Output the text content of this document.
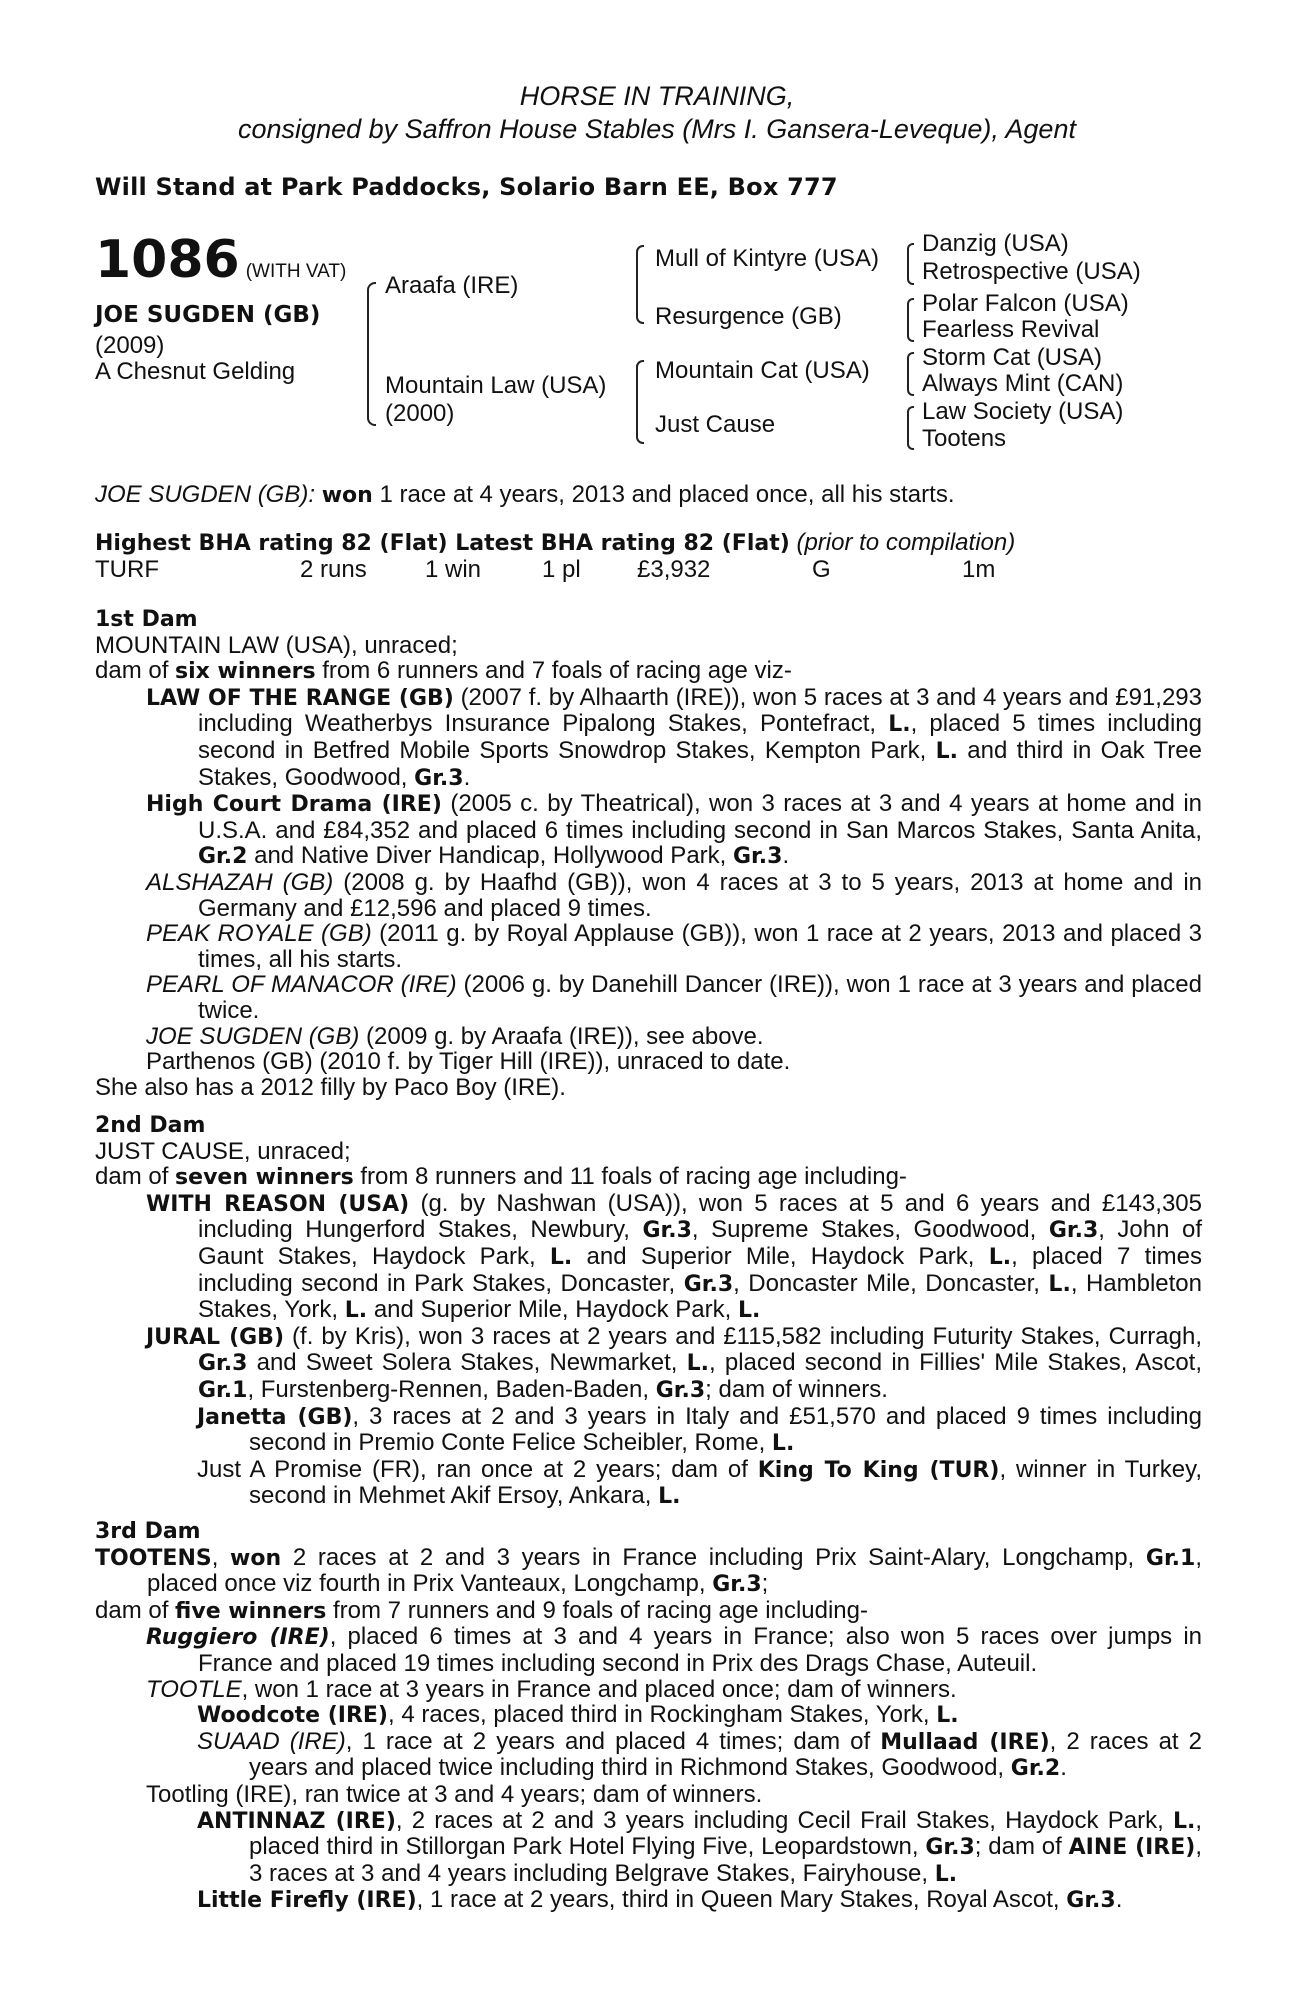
HORSE IN TRAINING,
consigned by Saffron House Stables (Mrs I. Gansera-Leveque), Agent
Will Stand at Park Paddocks, Solario Barn EE, Box 777
1086 (WITH VAT)
JOE SUGDEN (GB)
(2009)
A Chesnut Gelding
Araafa (IRE)
Mountain Law (USA)
(2000)
Mull of Kintyre (USA)
Resurgence (GB)
Mountain Cat (USA)
Just Cause
Danzig (USA)
Retrospective (USA)
Polar Falcon (USA)
Fearless Revival
Storm Cat (USA)
Always Mint (CAN)
Law Society (USA)
Tootens
JOE SUGDEN (GB): won 1 race at 4 years, 2013 and placed once, all his starts.
Highest BHA rating 82 (Flat) Latest BHA rating 82 (Flat) (prior to compilation)
TURF	2 runs	1 win	1 pl	£3,932	G	1m

1st Dam

MOUNTAIN LAW (USA), unraced;

dam of six winners from 6 runners and 7 foals of racing age viz-

LAW OF THE RANGE (GB) (2007 f. by Alhaarth (IRE)), won 5 races at 3 and 4 years and £91,293 including Weatherbys Insurance Pipalong Stakes, Pontefract, L., placed 5 times including second in Betfred Mobile Sports Snowdrop Stakes, Kempton Park, L. and third in Oak Tree Stakes, Goodwood, Gr.3.

High Court Drama (IRE) (2005 c. by Theatrical), won 3 races at 3 and 4 years at home and in U.S.A. and £84,352 and placed 6 times including second in San Marcos Stakes, Santa Anita, Gr.2 and Native Diver Handicap, Hollywood Park, Gr.3.

ALSHAZAH (GB) (2008 g. by Haafhd (GB)), won 4 races at 3 to 5 years, 2013 at home and in Germany and £12,596 and placed 9 times.

PEAK ROYALE (GB) (2011 g. by Royal Applause (GB)), won 1 race at 2 years, 2013 and placed 3 times, all his starts.

PEARL OF MANACOR (IRE) (2006 g. by Danehill Dancer (IRE)), won 1 race at 3 years and placed twice.

JOE SUGDEN (GB) (2009 g. by Araafa (IRE)), see above.

Parthenos (GB) (2010 f. by Tiger Hill (IRE)), unraced to date.

She also has a 2012 filly by Paco Boy (IRE).

2nd Dam

JUST CAUSE, unraced;

dam of seven winners from 8 runners and 11 foals of racing age including-

WITH REASON (USA) (g. by Nashwan (USA)), won 5 races at 5 and 6 years and £143,305 including Hungerford Stakes, Newbury, Gr.3, Supreme Stakes, Goodwood, Gr.3, John of Gaunt Stakes, Haydock Park, L. and Superior Mile, Haydock Park, L., placed 7 times including second in Park Stakes, Doncaster, Gr.3, Doncaster Mile, Doncaster, L., Hambleton Stakes, York, L. and Superior Mile, Haydock Park, L.

JURAL (GB) (f. by Kris), won 3 races at 2 years and £115,582 including Futurity Stakes, Curragh, Gr.3 and Sweet Solera Stakes, Newmarket, L., placed second in Fillies' Mile Stakes, Ascot, Gr.1, Furstenberg-Rennen, Baden-Baden, Gr.3; dam of winners.

Janetta (GB), 3 races at 2 and 3 years in Italy and £51,570 and placed 9 times including second in Premio Conte Felice Scheibler, Rome, L.

Just A Promise (FR), ran once at 2 years; dam of King To King (TUR), winner in Turkey, second in Mehmet Akif Ersoy, Ankara, L.

3rd Dam

TOOTENS, won 2 races at 2 and 3 years in France including Prix Saint-Alary, Longchamp, Gr.1, placed once viz fourth in Prix Vanteaux, Longchamp, Gr.3;

dam of five winners from 7 runners and 9 foals of racing age including-

Ruggiero (IRE), placed 6 times at 3 and 4 years in France; also won 5 races over jumps in France and placed 19 times including second in Prix des Drags Chase, Auteuil.

TOOTLE, won 1 race at 3 years in France and placed once; dam of winners.

Woodcote (IRE), 4 races, placed third in Rockingham Stakes, York, L.

SUAAD (IRE), 1 race at 2 years and placed 4 times; dam of Mullaad (IRE), 2 races at 2 years and placed twice including third in Richmond Stakes, Goodwood, Gr.2.

Tootling (IRE), ran twice at 3 and 4 years; dam of winners.

ANTINNAZ (IRE), 2 races at 2 and 3 years including Cecil Frail Stakes, Haydock Park, L., placed third in Stillorgan Park Hotel Flying Five, Leopardstown, Gr.3; dam of AINE (IRE), 3 races at 3 and 4 years including Belgrave Stakes, Fairyhouse, L.

Little Firefly (IRE), 1 race at 2 years, third in Queen Mary Stakes, Royal Ascot, Gr.3.
